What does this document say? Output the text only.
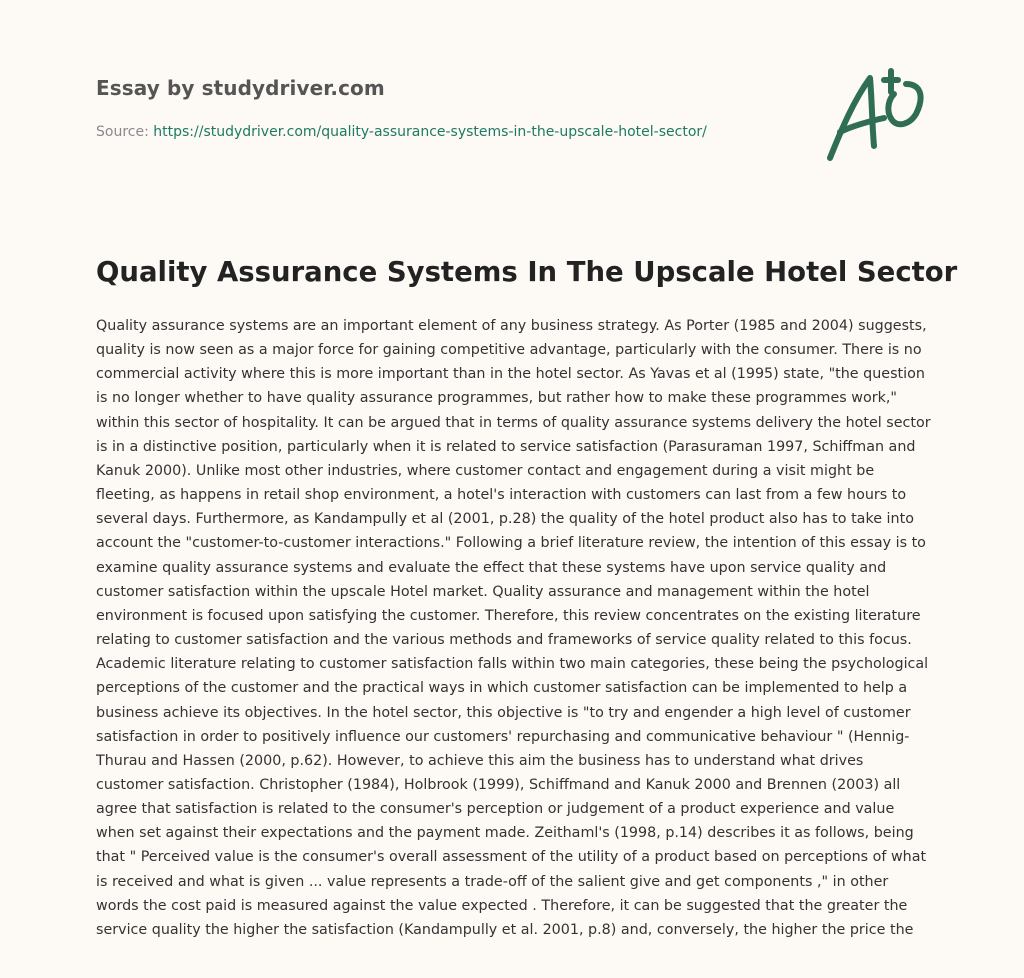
Essay by studydriver.com
Source: https://studydriver.com/quality-assurance-systems-in-the-upscale-hotel-sector/
Quality Assurance Systems In The Upscale Hotel Sector

Quality assurance systems are an important element of any business strategy. As Porter (1985 and 2004) suggests, quality is now seen as a major force for gaining competitive advantage, particularly with the consumer. There is no commercial activity where this is more important than in the hotel sector. As Yavas et al (1995) state, "the question is no longer whether to have quality assurance programmes, but rather how to make these programmes work," within this sector of hospitality. It can be argued that in terms of quality assurance systems delivery the hotel sector is in a distinctive position, particularly when it is related to service satisfaction (Parasuraman 1997, Schiffman and Kanuk 2000). Unlike most other industries, where customer contact and engagement during a visit might be fleeting, as happens in retail shop environment, a hotel's interaction with customers can last from a few hours to several days. Furthermore, as Kandampully et al (2001, p.28) the quality of the hotel product also has to take into account the "customer-to-customer interactions." Following a brief literature review, the intention of this essay is to examine quality assurance systems and evaluate the effect that these systems have upon service quality and customer satisfaction within the upscale Hotel market. Quality assurance and management within the hotel environment is focused upon satisfying the customer. Therefore, this review concentrates on the existing literature relating to customer satisfaction and the various methods and frameworks of service quality related to this focus. Academic literature relating to customer satisfaction falls within two main categories, these being the psychological perceptions of the customer and the practical ways in which customer satisfaction can be implemented to help a business achieve its objectives. In the hotel sector, this objective is "to try and engender a high level of customer satisfaction in order to positively influence our customers' repurchasing and communicative behaviour " (Hennig-Thurau and Hassen (2000, p.62). However, to achieve this aim the business has to understand what drives customer satisfaction. Christopher (1984), Holbrook (1999), Schiffmand and Kanuk 2000 and Brennen (2003) all agree that satisfaction is related to the consumer's perception or judgement of a product experience and value when set against their expectations and the payment made. Zeithaml's (1998, p.14) describes it as follows, being that " Perceived value is the consumer's overall assessment of the utility of a product based on perceptions of what is received and what is given ... value represents a trade-off of the salient give and get components ," in other words the cost paid is measured against the value expected . Therefore, it can be suggested that the greater the service quality the higher the satisfaction (Kandampully et al. 2001, p.8) and, conversely, the higher the price the
